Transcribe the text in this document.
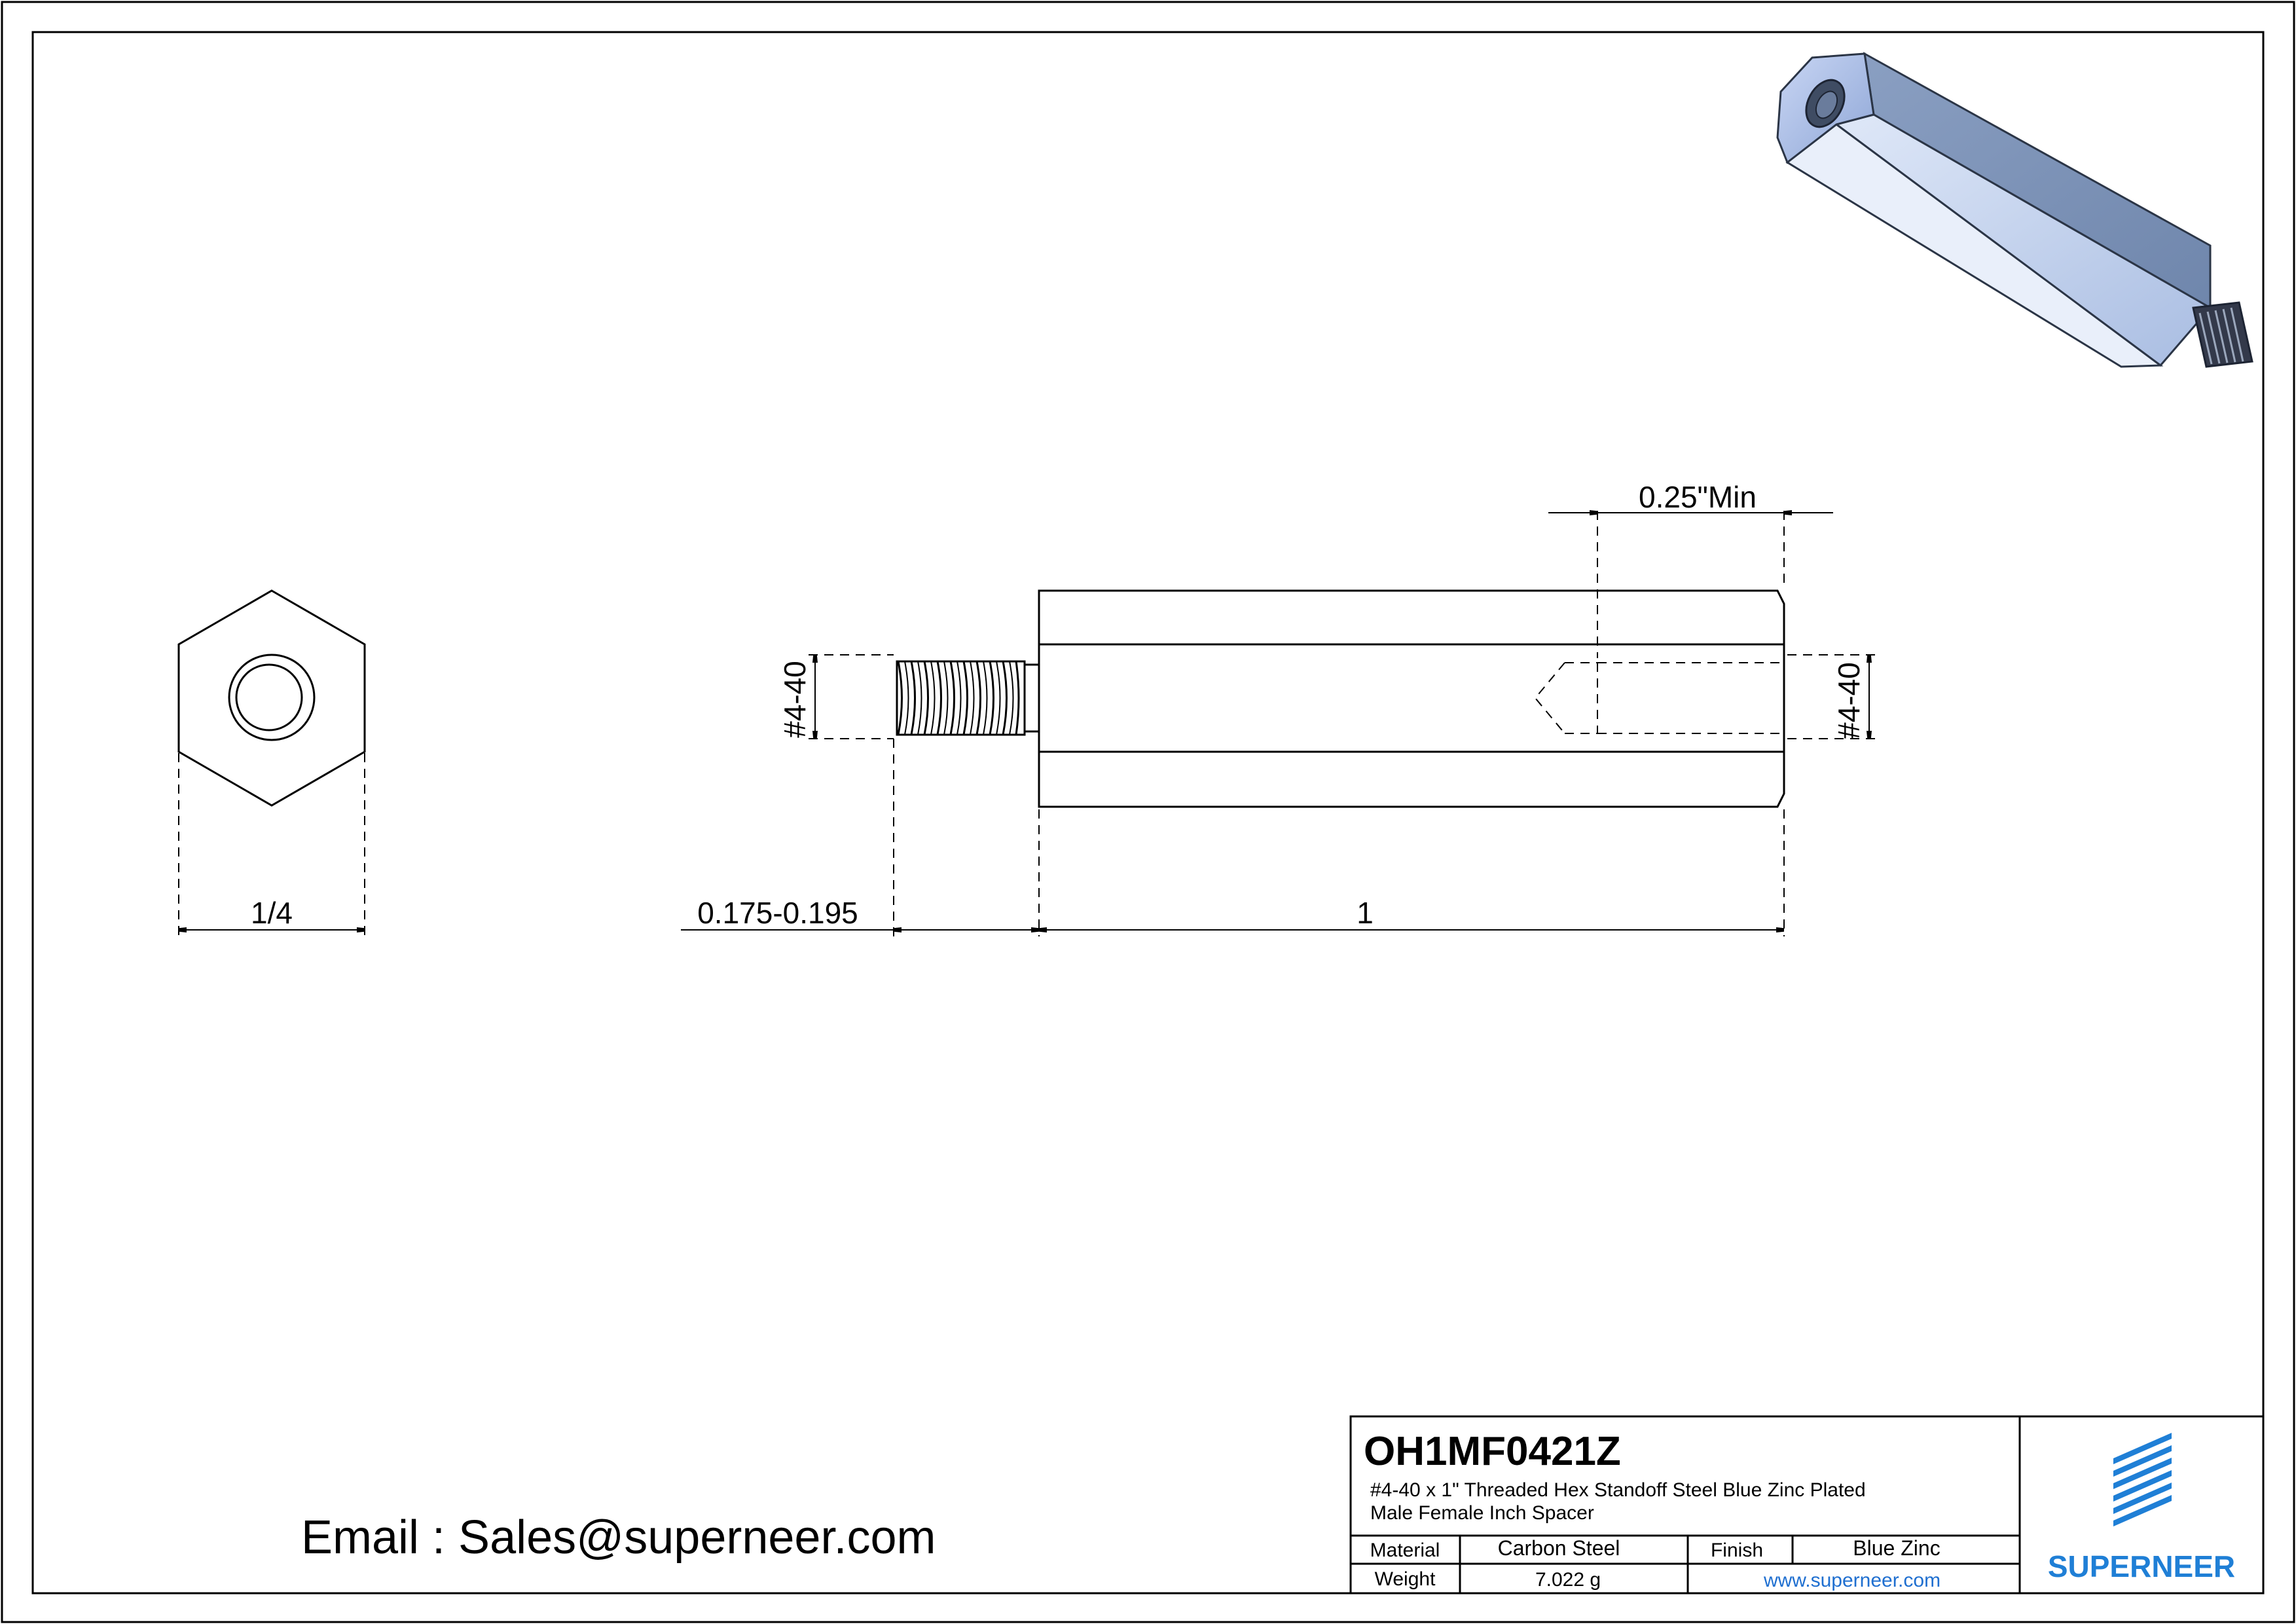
1/4
#4-40	#4-40
0.25"Min
0.175-0.195	1
Email : Sales@superneer.com
OH1MF0421Z
#4-40 x 1" Threaded Hex Standoff Steel Blue Zinc Plated
Male Female Inch Spacer
Material	Carbon Steel	Finish	Blue Zinc
Weight	7.022 g	www.superneer.com	SUPERNEER
